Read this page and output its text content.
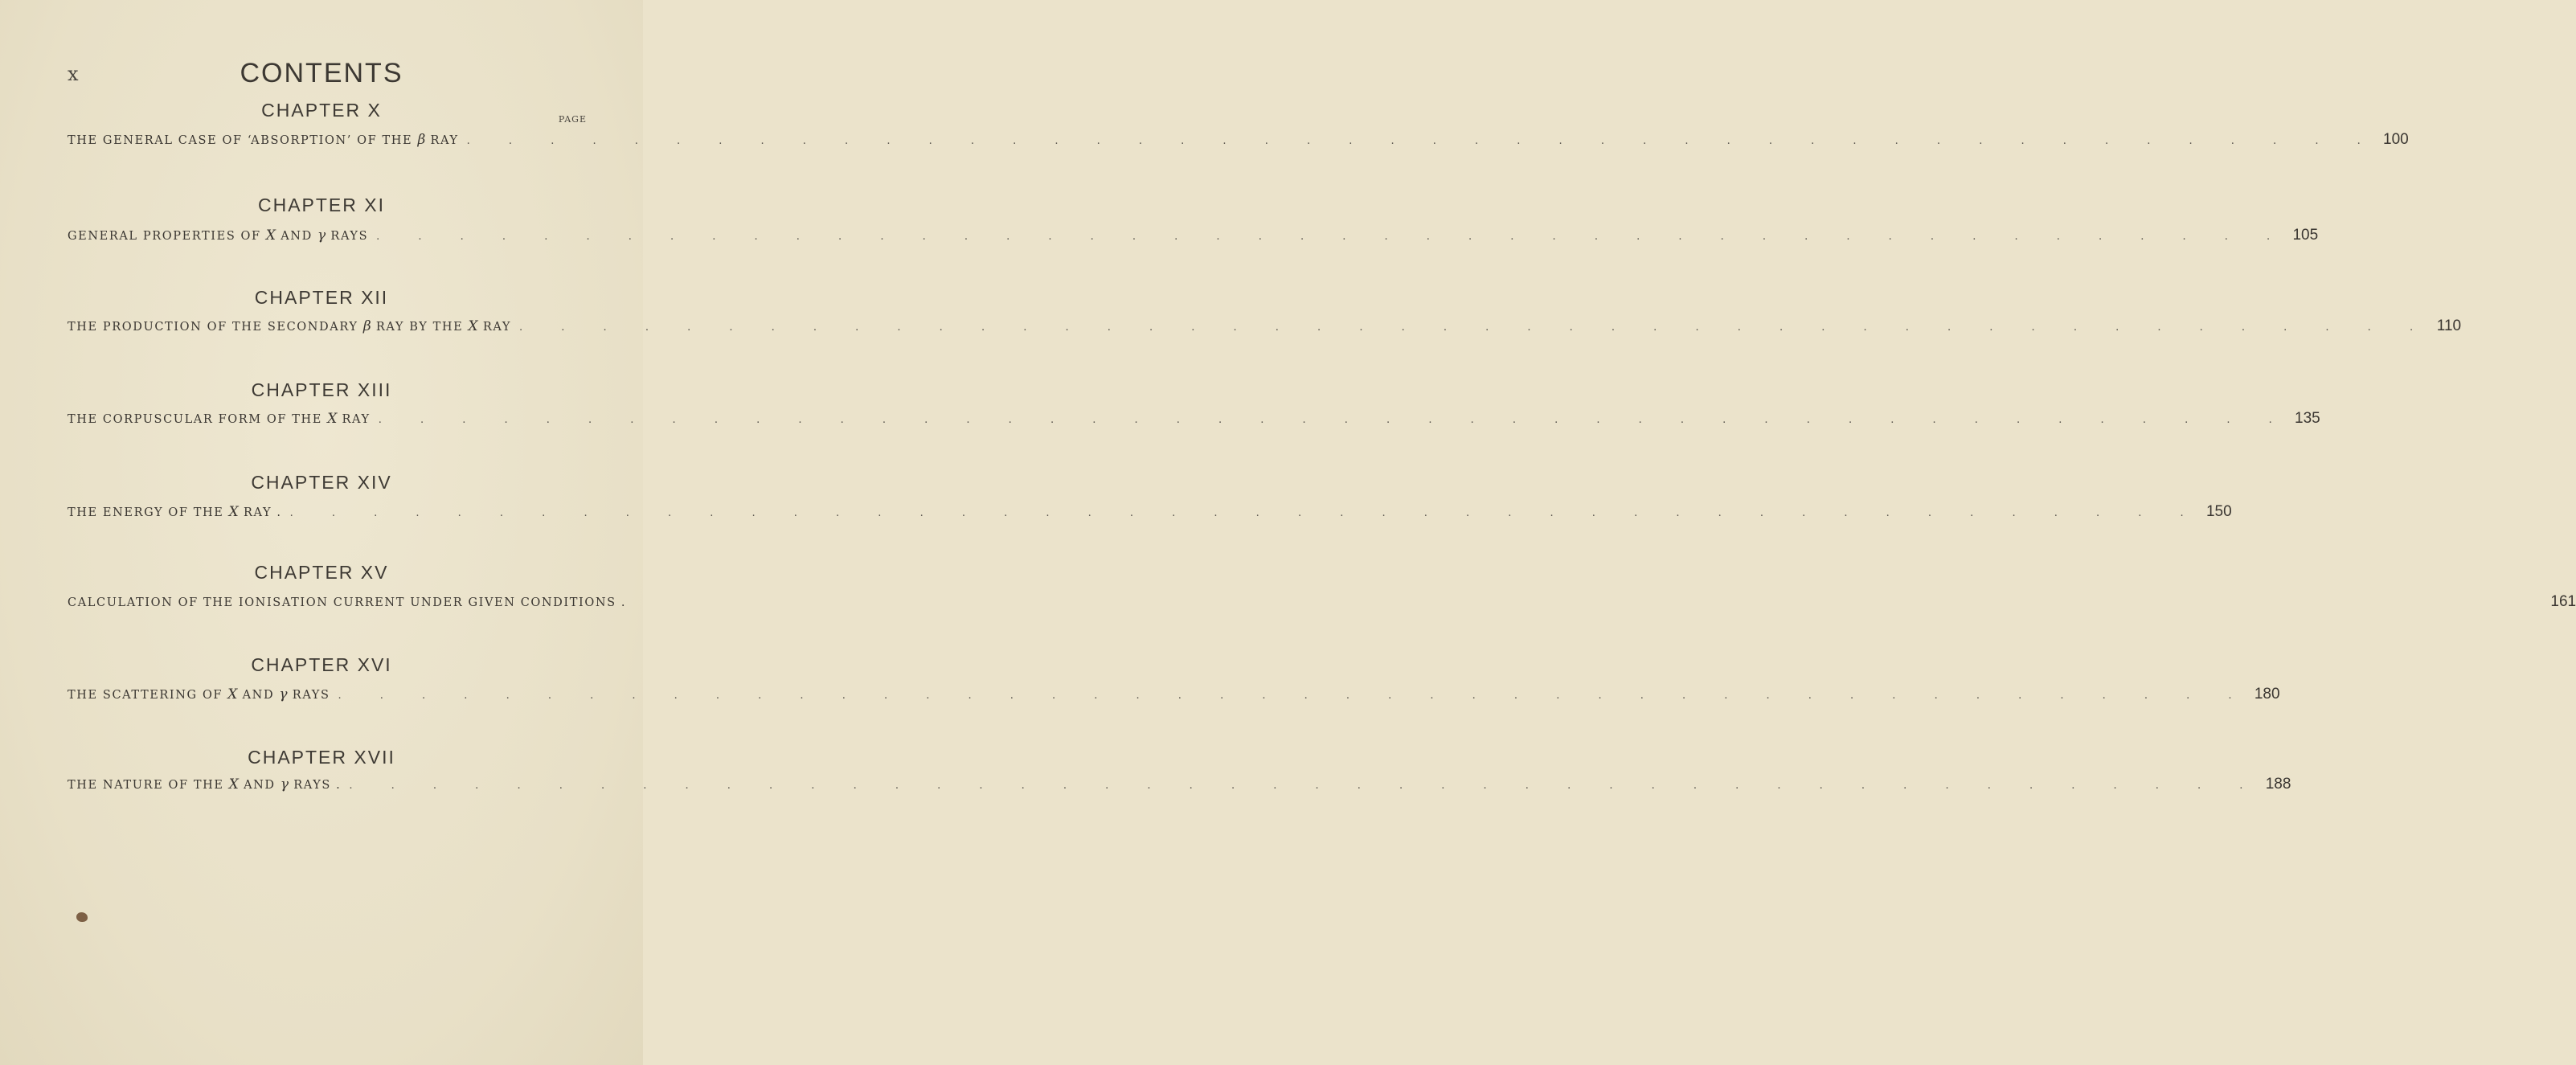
x	CONTENTS
PAGE
CHAPTER X
THE GENERAL CASE OF ‘ABSORPTION’ OF THE β RAY . . .	100
CHAPTER XI
GENERAL PROPERTIES OF X AND γ RAYS . . .	105
CHAPTER XII
THE PRODUCTION OF THE SECONDARY β RAY BY THE X RAY . . .	110
CHAPTER XIII
THE CORPUSCULAR FORM OF THE X RAY . . .	135
CHAPTER XIV
THE ENERGY OF THE X RAY . . . .	150
CHAPTER XV
CALCULATION OF THE IONISATION CURRENT UNDER GIVEN CONDITIONS .	161
CHAPTER XVI
THE SCATTERING OF X AND γ RAYS . . .	180
CHAPTER XVII
THE NATURE OF THE X AND γ RAYS . . . .	188
